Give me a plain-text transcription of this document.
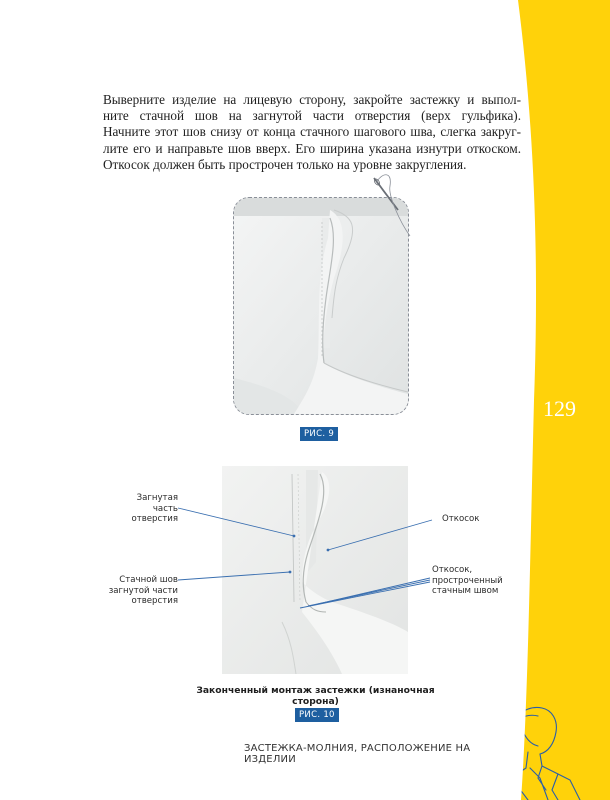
129
Выверните изделие на лицевую сторону, закройте застежку и выпол-
ните стачной шов на загнутой части отверстия (верх гульфика).
Начните этот шов снизу от конца стачного шагового шва, слегка закруг-
лите его и направьте шов вверх. Его ширина указана изнутри откоском.
Откосок должен быть прострочен только на уровне закругления.
РИС. 9
Загнутая часть
отверстия
Стачной шов
загнутой части
отверстия
Откосок
Откосок,
простроченный
стачным швом
Законченный монтаж застежки (изнаночная сторона)
РИС. 10
ЗАСТЕЖКА-МОЛНИЯ, РАСПОЛОЖЕНИЕ НА ИЗДЕЛИИ
